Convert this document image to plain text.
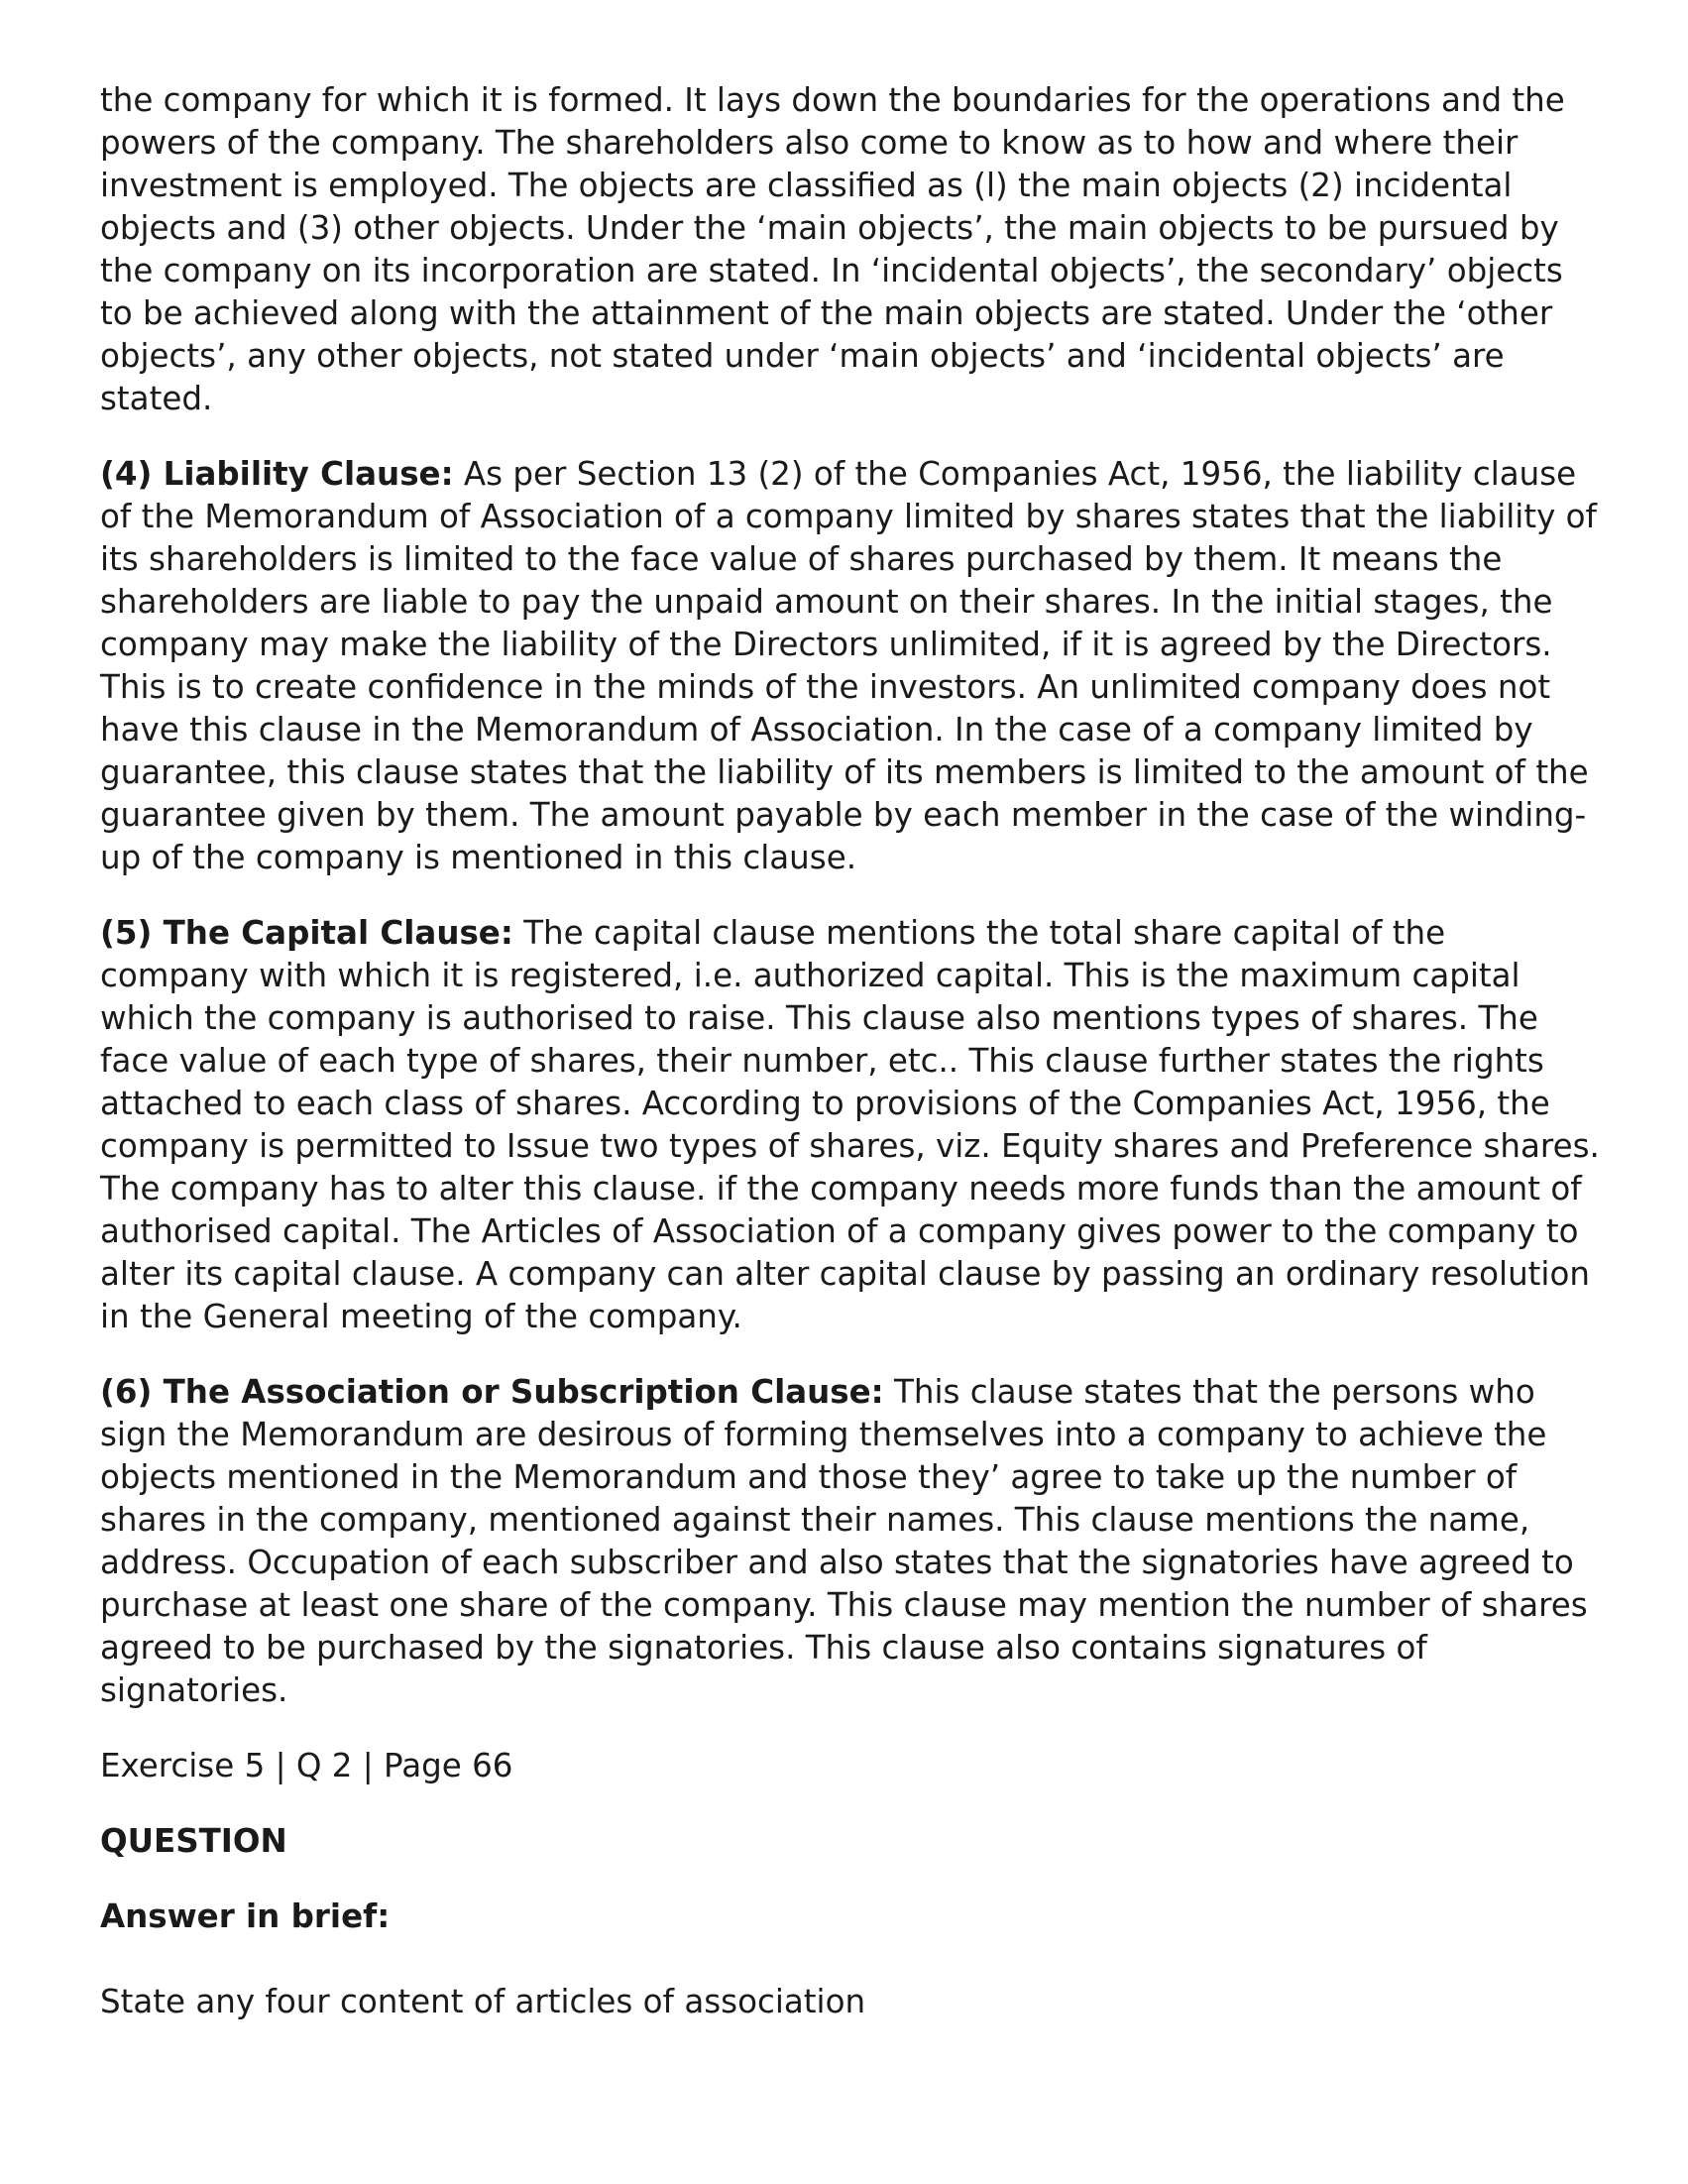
the company for which it is formed. It lays down the boundaries for the operations and the powers of the company. The shareholders also come to know as to how and where their investment is employed. The objects are classified as (l) the main objects (2) incidental objects and (3) other objects. Under the ‘main objects’, the main objects to be pursued by the company on its incorporation are stated. In ‘incidental objects’, the secondary’ objects to be achieved along with the attainment of the main objects are stated. Under the ‘other objects’, any other objects, not stated under ‘main objects’ and ‘incidental objects’ are stated.

(4) Liability Clause: As per Section 13 (2) of the Companies Act, 1956, the liability clause of the Memorandum of Association of a company limited by shares states that the liability of its shareholders is limited to the face value of shares purchased by them. It means the shareholders are liable to pay the unpaid amount on their shares. In the initial stages, the company may make the liability of the Directors unlimited, if it is agreed by the Directors. This is to create confidence in the minds of the investors. An unlimited company does not have this clause in the Memorandum of Association. In the case of a company limited by guarantee, this clause states that the liability of its members is limited to the amount of the guarantee given by them. The amount payable by each member in the case of the winding-up of the company is mentioned in this clause.

(5) The Capital Clause: The capital clause mentions the total share capital of the company with which it is registered, i.e. authorized capital. This is the maximum capital which the company is authorised to raise. This clause also mentions types of shares. The face value of each type of shares, their number, etc.. This clause further states the rights attached to each class of shares. According to provisions of the Companies Act, 1956, the company is permitted to Issue two types of shares, viz. Equity shares and Preference shares. The company has to alter this clause. if the company needs more funds than the amount of authorised capital. The Articles of Association of a company gives power to the company to alter its capital clause. A company can alter capital clause by passing an ordinary resolution in the General meeting of the company.

(6) The Association or Subscription Clause: This clause states that the persons who sign the Memorandum are desirous of forming themselves into a company to achieve the objects mentioned in the Memorandum and those they’ agree to take up the number of shares in the company, mentioned against their names. This clause mentions the name, address. Occupation of each subscriber and also states that the signatories have agreed to purchase at least one share of the company. This clause may mention the number of shares agreed to be purchased by the signatories. This clause also contains signatures of signatories.

Exercise 5 | Q 2 | Page 66

QUESTION

Answer in brief:

State any four content of articles of association
